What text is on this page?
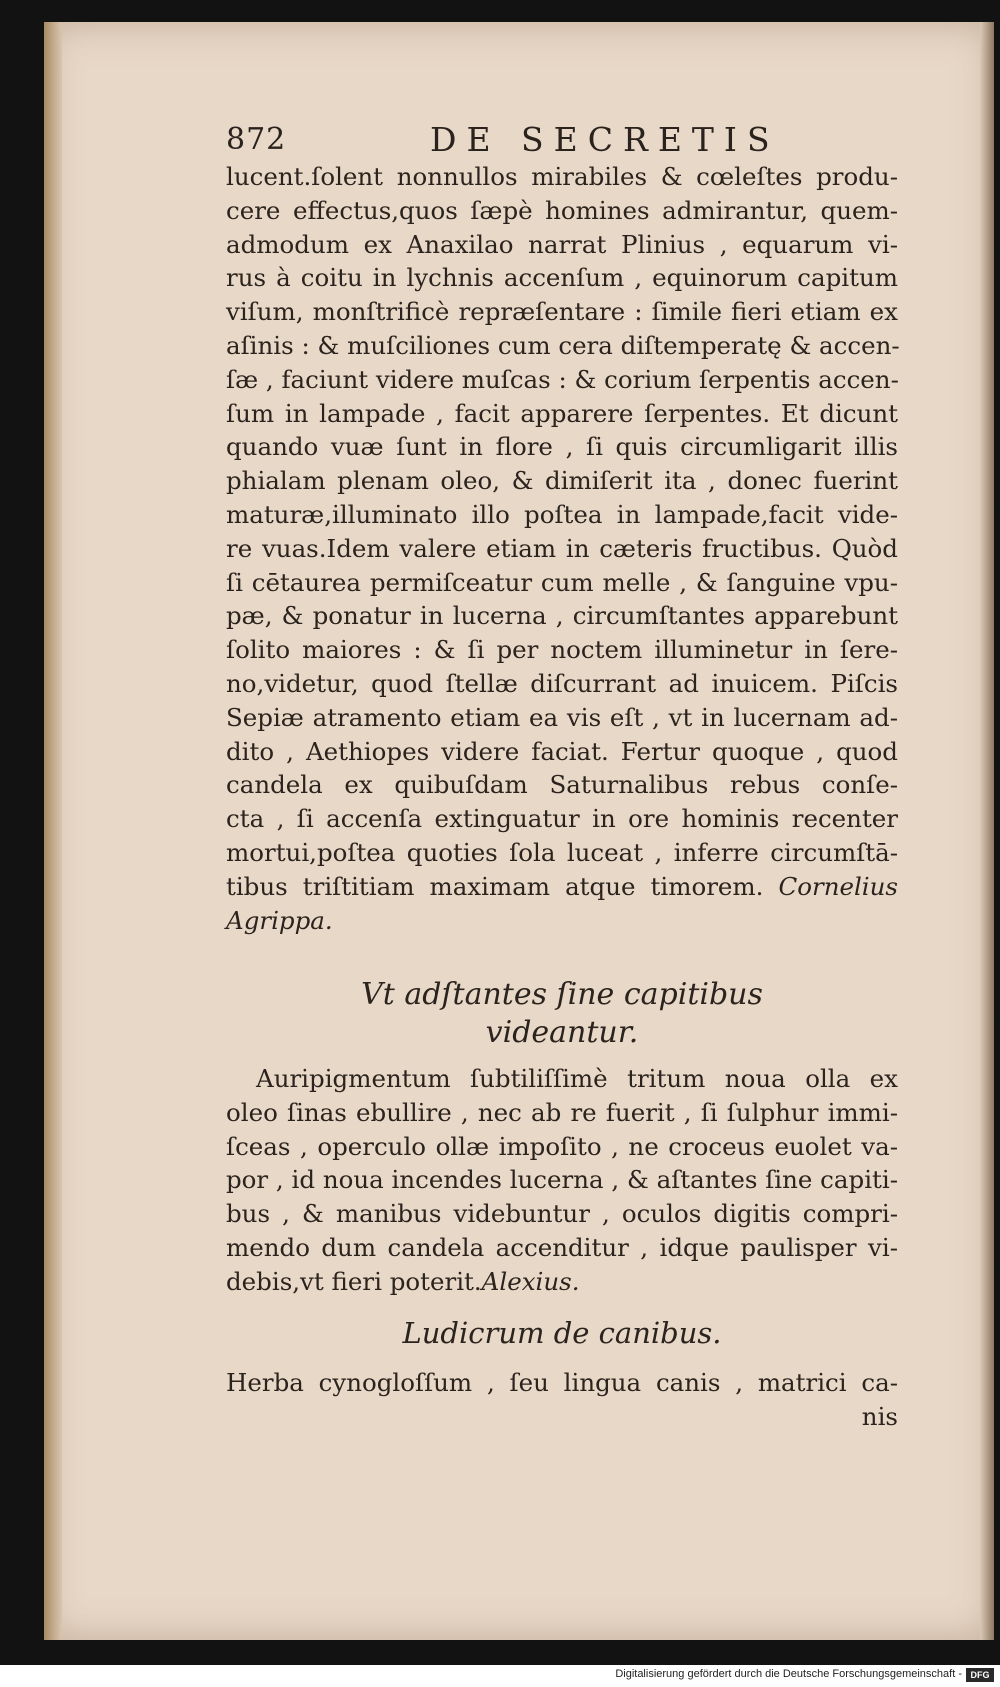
872	DE SECRETIS
lucent.ſolent nonnullos mirabiles & cœleſtes produ-
cere effectus,quos ſæpè homines admirantur, quem-
admodum ex Anaxilao narrat Plinius , equarum vi-
rus à coitu in lychnis accenſum , equinorum capitum
viſum, monſtrificè repræſentare : ſimile fieri etiam ex
aſinis : & muſciliones cum cera diſtemperatę & accen-
ſæ , faciunt videre muſcas : & corium ſerpentis accen-
ſum in lampade , facit apparere ſerpentes. Et dicunt
quando vuæ ſunt in flore , ſi quis circumligarit illis
phialam plenam oleo, & dimiſerit ita , donec fuerint
maturæ,illuminato illo poſtea in lampade,facit vide-
re vuas.Idem valere etiam in cæteris fructibus. Quòd
ſi cētaurea permiſceatur cum melle , & ſanguine vpu-
pæ, & ponatur in lucerna , circumſtantes apparebunt
ſolito maiores : & ſi per noctem illuminetur in ſere-
no,videtur, quod ſtellæ diſcurrant ad inuicem. Piſcis
Sepiæ atramento etiam ea vis eſt , vt in lucernam ad-
dito , Aethiopes videre faciat. Fertur quoque , quod
candela ex quibuſdam Saturnalibus rebus conſe-
cta , ſi accenſa extinguatur in ore hominis recenter
mortui,poſtea quoties ſola luceat , inferre circumſtā-
tibus triſtitiam maximam atque timorem. Cornelius
Agrippa.
Vt adſtantes ſine capitibus
videantur.
Auripigmentum ſubtiliſſimè tritum noua olla ex
oleo ſinas ebullire , nec ab re fuerit , ſi ſulphur immi-
ſceas , operculo ollæ impoſito , ne croceus euolet va-
por , id noua incendes lucerna , & aſtantes ſine capiti-
bus , & manibus videbuntur , oculos digitis compri-
mendo dum candela accenditur , idque paulisper vi-
debis,vt fieri poterit.Alexius.
Ludicrum de canibus.
Herba cynogloſſum , ſeu lingua canis , matrici ca-
nis
Digitalisierung gefördert durch die Deutsche Forschungsgemeinschaft - DFG
